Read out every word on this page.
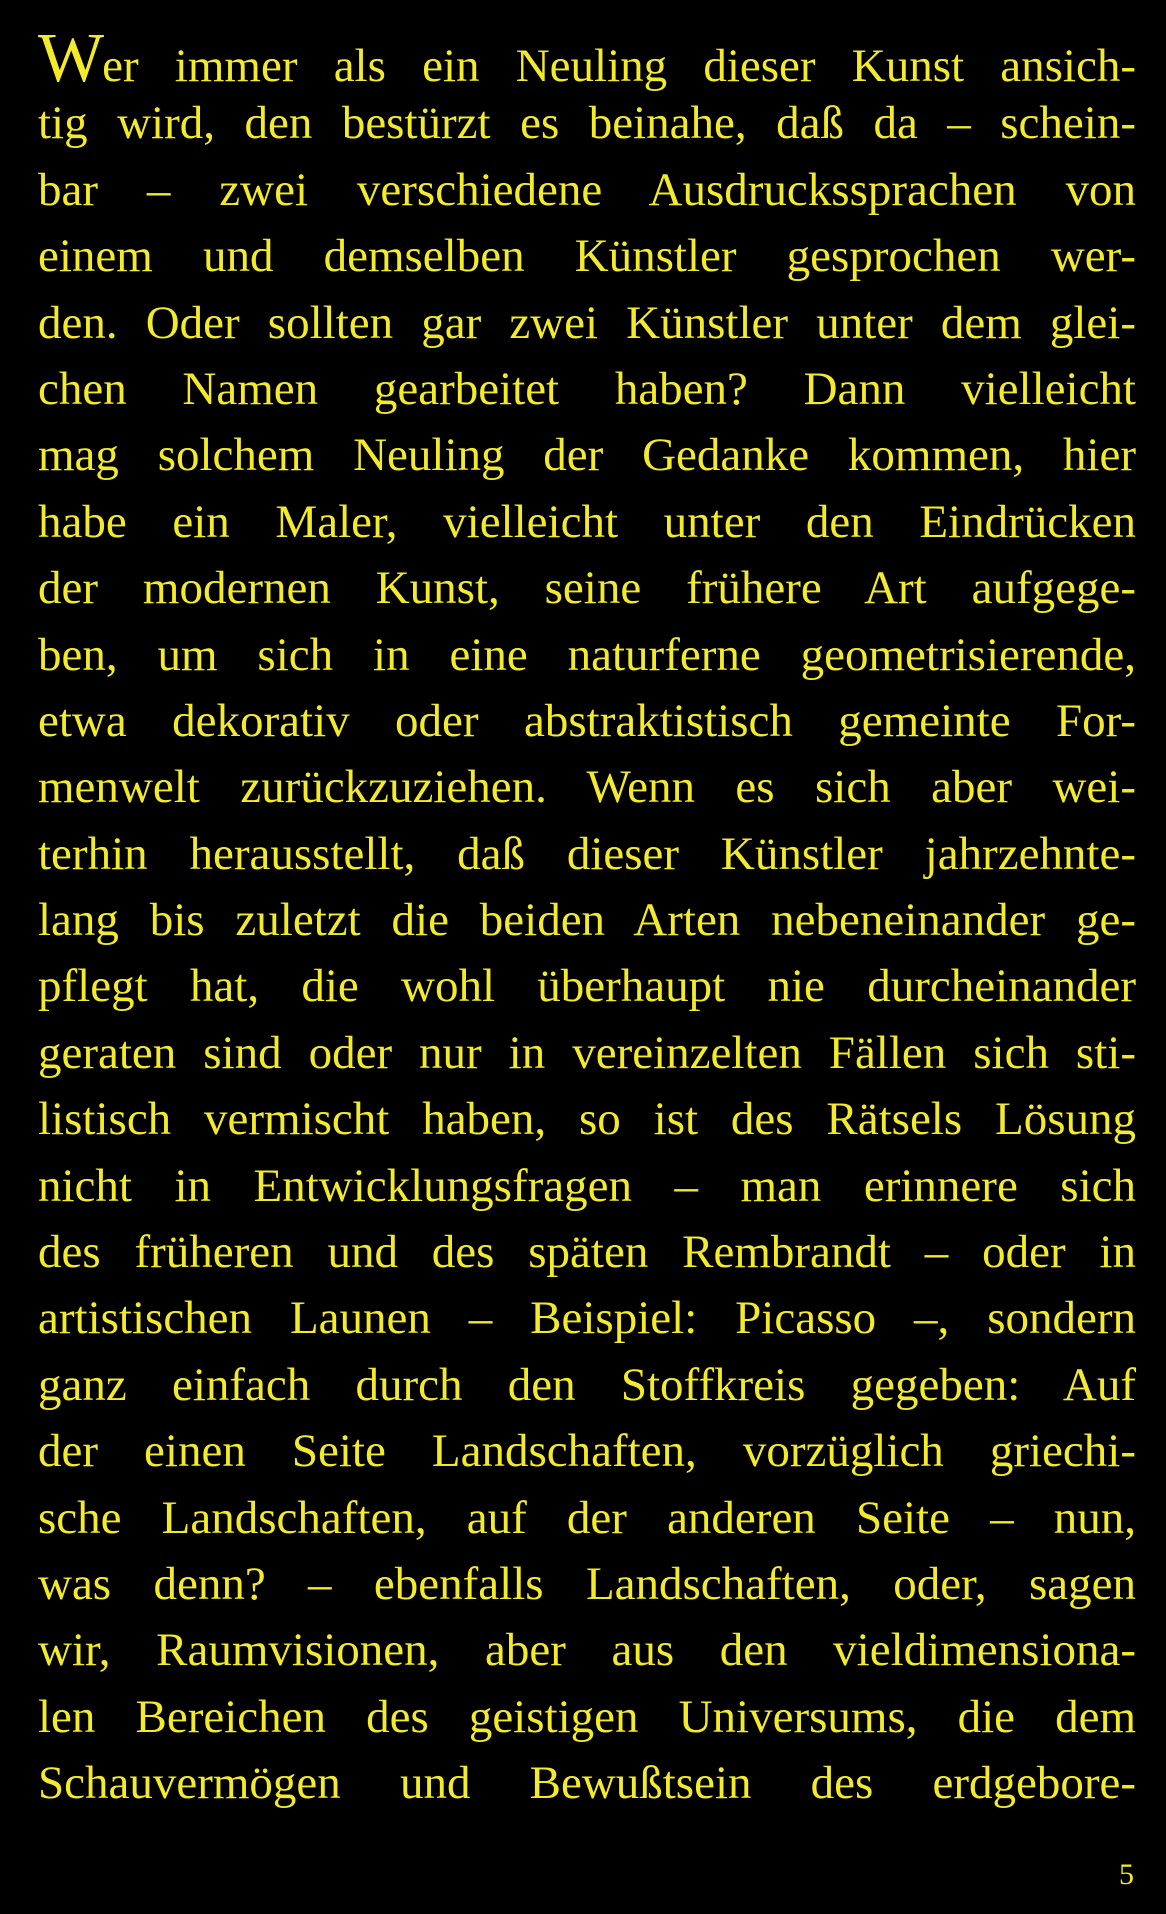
Wer immer als ein Neuling dieser Kunst ansich-
tig wird, den bestürzt es beinahe, daß da – schein-
bar – zwei verschiedene Ausdruckssprachen von
einem und demselben Künstler gesprochen wer-
den. Oder sollten gar zwei Künstler unter dem glei-
chen Namen gearbeitet haben? Dann vielleicht
mag solchem Neuling der Gedanke kommen, hier
habe ein Maler, vielleicht unter den Eindrücken
der modernen Kunst, seine frühere Art aufgege-
ben, um sich in eine naturferne geometrisierende,
etwa dekorativ oder abstraktistisch gemeinte For-
menwelt zurückzuziehen. Wenn es sich aber wei-
terhin herausstellt, daß dieser Künstler jahrzehnte-
lang bis zuletzt die beiden Arten nebeneinander ge-
pflegt hat, die wohl überhaupt nie durcheinander
geraten sind oder nur in vereinzelten Fällen sich sti-
listisch vermischt haben, so ist des Rätsels Lösung
nicht in Entwicklungsfragen – man erinnere sich
des früheren und des späten Rembrandt – oder in
artistischen Launen – Beispiel: Picasso –, sondern
ganz einfach durch den Stoffkreis gegeben: Auf
der einen Seite Landschaften, vorzüglich griechi-
sche Landschaften, auf der anderen Seite – nun,
was denn? – ebenfalls Landschaften, oder, sagen
wir, Raumvisionen, aber aus den vieldimensiona-
len Bereichen des geistigen Universums, die dem
Schauvermögen und Bewußtsein des erdgebore-
5
